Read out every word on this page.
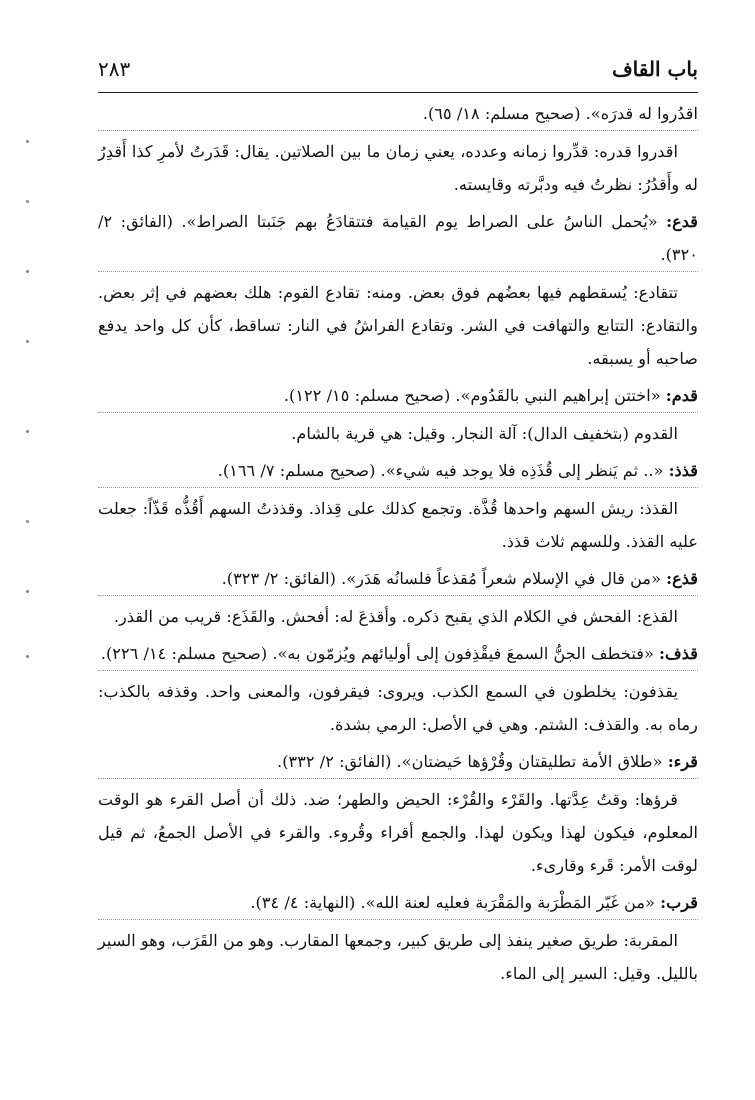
باب القاف
٢٨٣

اقدُروا له قدرَه». (صحيح مسلم: ١٨/ ٦٥).

اقدروا قدره: قدِّروا زمانه وعدده، يعني زمان ما بين الصلاتين. يقال: قَدَرتُ لأمرِ كذا أَقدِرُ له وأَقدُرُ: نظرتُ فيه ودبَّرته وقايسته.

قدع: «يُحمل الناسُ على الصراط يوم القيامة فتتقادَعُ بهم جَنَبتا الصراط». (الفائق: ٢/ ٣٢٠).

تتقادع: يُسقطهم فيها بعضُهم فوق بعض. ومنه: تقادع القوم: هلك بعضهم في إثر بعض. والتقادع: التتابع والتهافت في الشر. وتقادع الفراشُ في النار: تساقط، كأن كل واحد يدفع صاحبه أو يسبقه.

قدم: «اختتن إبراهيم النبي بالقَدُوم». (صحيح مسلم: ١٥/ ١٢٢).

القدوم (بتخفيف الدال): آلة النجار. وقيل: هي قرية بالشام.

قذذ: «.. ثم يَنظر إلى قُذَذِه فلا يوجد فيه شيء». (صحيح مسلم: ٧/ ١٦٦).

القذذ: ريش السهم واحدها قُذَّة. وتجمع كذلك على قِذاذ. وقذذتُ السهم أَقُذُّه قَذّاً: جعلت عليه القذذ. وللسهم ثلاث قذذ.

قذع: «من قال في الإسلام شعراً مُقذعاً فلسانُه هَدَر». (الفائق: ٢/ ٣٢٣).

القذع: الفحش في الكلام الذي يقبح ذكره. وأقذعَ له: أفحش. والقَذَع: قريب من القذر.

قذف: «فتخطف الجنُّ السمعَ فيقْذِفون إلى أوليائهم ويُزمّون به». (صحيح مسلم: ١٤/ ٢٢٦).

يقذفون: يخلطون في السمع الكذب. ويروى: فيقرفون، والمعنى واحد. وقذفه بالكذب: رماه به. والقذف: الشتم. وهي في الأصل: الرمي بشدة.

قرء: «طلاق الأمة تطليقتان وقُرْؤها حَيضتان». (الفائق: ٢/ ٣٣٢).

قرؤها: وقتُ عِدَّتها. والقَرْء والقُرْء: الحيض والطهر؛ ضد. ذلك أن أصل القرء هو الوقت المعلوم، فيكون لهذا ويكون لهذا. والجمع أقراء وقُروء. والقرء في الأصل الجمعُ، ثم قيل لوقت الأمر: قَرء وقارىء.

قرب: «من غَيّر المَطْرَبة والمَقْرَبة فعليه لعنة الله». (النهاية: ٤/ ٣٤).

المقربة: طريق صغير ينفذ إلى طريق كبير، وجمعها المقارب. وهو من القَرَب، وهو السير بالليل. وقيل: السير إلى الماء.
